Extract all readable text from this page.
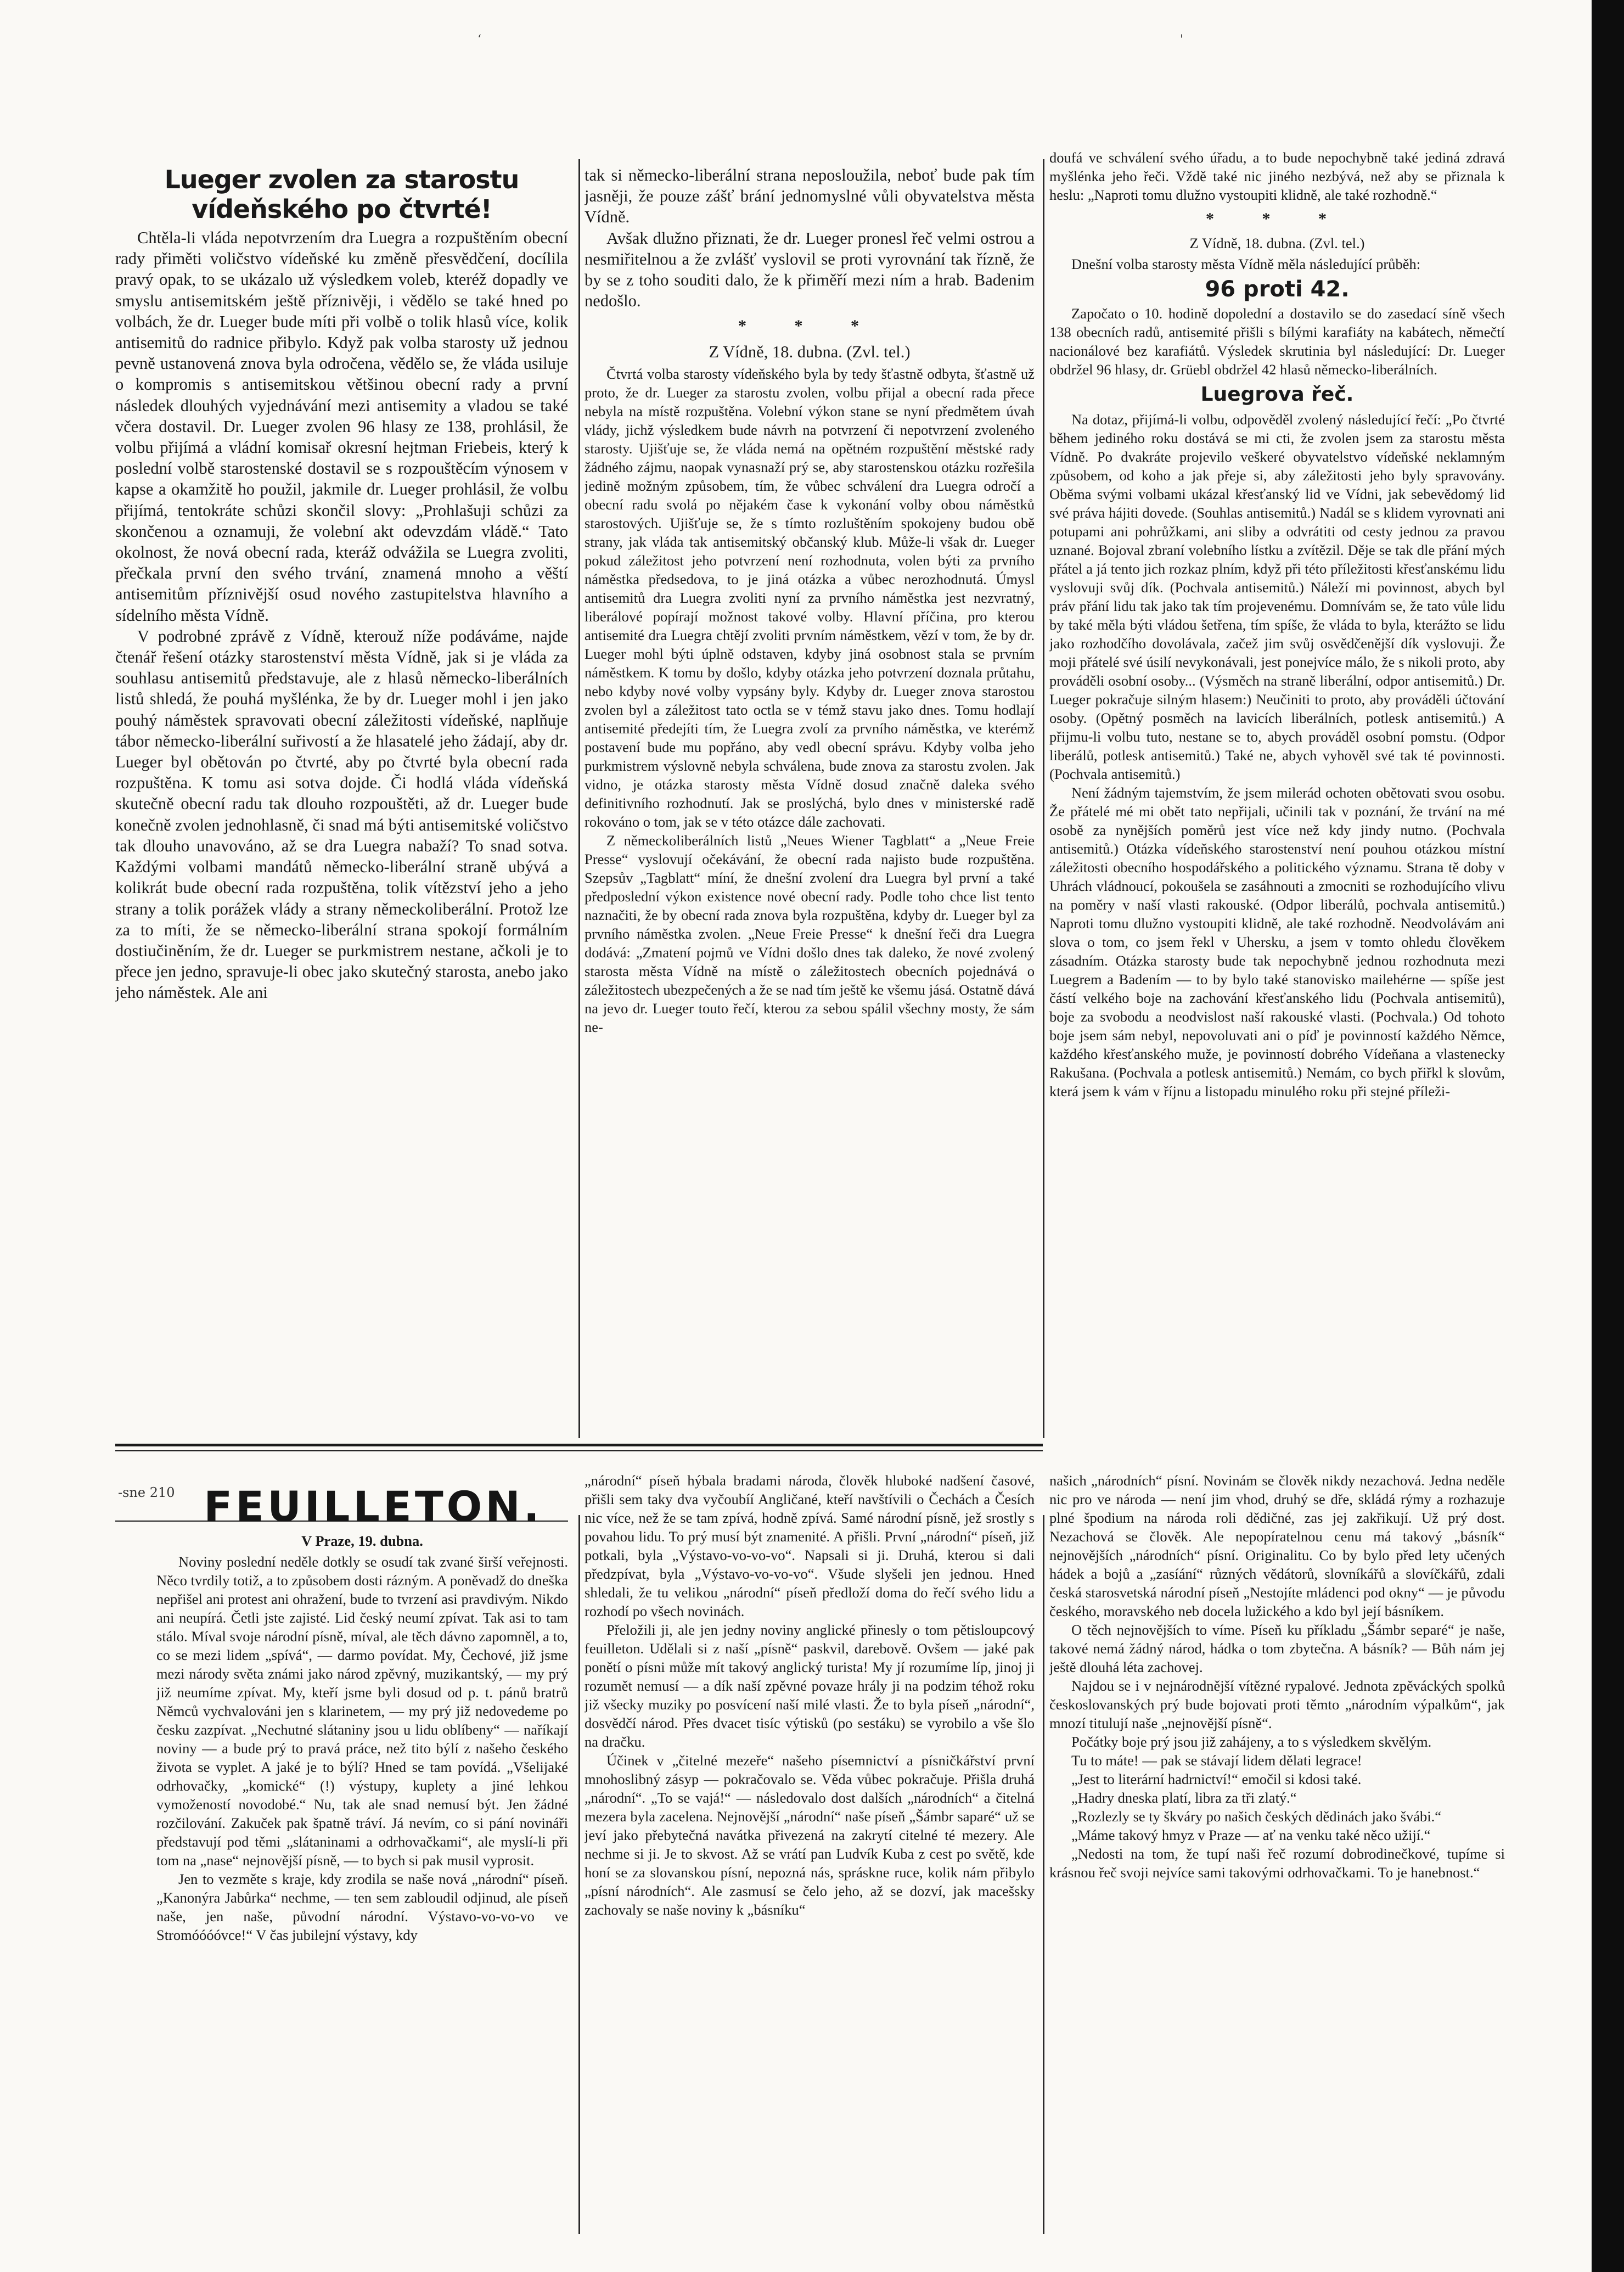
ʻ	'
Lueger zvolen za starostu vídeňského po čtvrté!

Chtěla-li vláda nepotvrzením dra Luegra a rozpuštěním obecní rady přiměti voličstvo vídeňské ku změně přesvědčení, docílila pravý opak, to se ukázalo už výsledkem voleb, kteréž dopadly ve smyslu antisemitském ještě příznivěji, i vědělo se také hned po volbách, že dr. Lueger bude míti při volbě o tolik hlasů více, kolik antisemitů do radnice přibylo. Když pak volba starosty už jednou pevně ustanovená znova byla odročena, vědělo se, že vláda usiluje o kompromis s antisemitskou většinou obecní rady a první následek dlouhých vyjednávání mezi antisemity a vladou se také včera dostavil. Dr. Lueger zvolen 96 hlasy ze 138, prohlásil, že volbu přijímá a vládní komisař okresní hejtman Friebeis, který k poslední volbě starostenské dostavil se s rozpouštěcím výnosem v kapse a okamžitě ho použil, jakmile dr. Lueger prohlásil, že volbu přijímá, tentokráte schůzi skončil slovy: „Prohlašuji schůzi za skončenou a oznamuji, že volební akt odevzdám vládě.“ Tato okolnost, že nová obecní rada, kteráž odvážila se Luegra zvoliti, přečkala první den svého trvání, znamená mnoho a věští antisemitům příznivější osud nového zastupitelstva hlavního a sídelního města Vídně.

V podrobné zprávě z Vídně, kterouž níže podáváme, najde čtenář řešení otázky starostenství města Vídně, jak si je vláda za souhlasu antisemitů představuje, ale z hlasů německo-liberálních listů shledá, že pouhá myšlénka, že by dr. Lueger mohl i jen jako pouhý náměstek spravovati obecní záležitosti vídeňské, naplňuje tábor německo-liberální suřivostí a že hlasatelé jeho žádají, aby dr. Lueger byl obětován po čtvrté, aby po čtvrté byla obecní rada rozpuštěna. K tomu asi sotva dojde. Či hodlá vláda vídeňská skutečně obecní radu tak dlouho rozpouštěti, až dr. Lueger bude konečně zvolen jednohlasně, či snad má býti antisemitské voličstvo tak dlouho unavováno, až se dra Luegra nabaží? To snad sotva. Každými volbami mandátů německo-liberální straně ubývá a kolikrát bude obecní rada rozpuštěna, tolik vítězství jeho a jeho strany a tolik porážek vlády a strany německoliberální. Protož lze za to míti, že se německo-liberální strana spokojí formálním dostiučiněním, že dr. Lueger se purkmistrem nestane, ačkoli je to přece jen jedno, spravuje-li obec jako skutečný starosta, anebo jako jeho náměstek. Ale ani

tak si německo-liberální strana neposloužila, neboť bude pak tím jasněji, že pouze zášť brání jednomyslné vůli obyvatelstva města Vídně.

Avšak dlužno přiznati, že dr. Lueger pronesl řeč velmi ostrou a nesmiřitelnou a že zvlášť vyslovil se proti vyrovnání tak řízně, že by se z toho souditi dalo, že k přiměří mezi ním a hrab. Badenim nedošlo.

* * *
Z Vídně, 18. dubna. (Zvl. tel.)

Čtvrtá volba starosty vídeňského byla by tedy šťastně odbyta, šťastně už proto, že dr. Lueger za starostu zvolen, volbu přijal a obecní rada přece nebyla na místě rozpuštěna. Volební výkon stane se nyní předmětem úvah vlády, jichž výsledkem bude návrh na potvrzení či nepotvrzení zvoleného starosty. Ujišťuje se, že vláda nemá na opětném rozpuštění městské rady žádného zájmu, naopak vynasnaží prý se, aby starostenskou otázku rozřešila jedině možným způsobem, tím, že vůbec schválení dra Luegra odročí a obecní radu svolá po nějakém čase k vykonání volby obou náměstků starostových. Ujišťuje se, že s tímto rozluštěním spokojeny budou obě strany, jak vláda tak antisemitský občanský klub. Může-li však dr. Lueger pokud záležitost jeho potvrzení není rozhodnuta, volen býti za prvního náměstka předsedova, to je jiná otázka a vůbec nerozhodnutá. Úmysl antisemitů dra Luegra zvoliti nyní za prvního náměstka jest nezvratný, liberálové popírají možnost takové volby. Hlavní příčina, pro kterou antisemité dra Luegra chtějí zvoliti prvním náměstkem, vězí v tom, že by dr. Lueger mohl býti úplně odstaven, kdyby jiná osobnost stala se prvním náměstkem. K tomu by došlo, kdyby otázka jeho potvrzení doznala průtahu, nebo kdyby nové volby vypsány byly. Kdyby dr. Lueger znova starostou zvolen byl a záležitost tato octla se v témž stavu jako dnes. Tomu hodlají antisemité předejíti tím, že Luegra zvolí za prvního náměstka, ve kterémž postavení bude mu popřáno, aby vedl obecní správu. Kdyby volba jeho purkmistrem výslovně nebyla schválena, bude znova za starostu zvolen. Jak vidno, je otázka starosty města Vídně dosud značně daleka svého definitivního rozhodnutí. Jak se proslýchá, bylo dnes v ministerské radě rokováno o tom, jak se v této otázce dále zachovati.

Z německoliberálních listů „Neues Wiener Tagblatt“ a „Neue Freie Presse“ vyslovují očekávání, že obecní rada najisto bude rozpuštěna. Szepsův „Tagblatt“ míní, že dnešní zvolení dra Luegra byl první a také předposlední výkon existence nové obecní rady. Podle toho chce list tento naznačiti, že by obecní rada znova byla rozpuštěna, kdyby dr. Lueger byl za prvního náměstka zvolen. „Neue Freie Presse“ k dnešní řeči dra Luegra dodává: „Zmatení pojmů ve Vídni došlo dnes tak daleko, že nové zvolený starosta města Vídně na místě o záležitostech obecních pojednává o záležitostech ubezpečených a že se nad tím ještě ke všemu jásá. Ostatně dává na jevo dr. Lueger touto řečí, kterou za sebou spálil všechny mosty, že sám ne-

doufá ve schválení svého úřadu, a to bude nepochybně také jediná zdravá myšlénka jeho řeči. Vždě také nic jiného nezbývá, než aby se přiznala k heslu: „Naproti tomu dlužno vystoupiti klidně, ale také rozhodně.“

* * *
Z Vídně, 18. dubna. (Zvl. tel.)

Dnešní volba starosty města Vídně měla následující průběh:

96 proti 42.

Započato o 10. hodině dopolední a dostavilo se do zasedací síně všech 138 obecních radů, antisemité přišli s bílými karafiáty na kabátech, němečtí nacionálové bez karafiátů. Výsledek skrutinia byl následující: Dr. Lueger obdržel 96 hlasy, dr. Grüebl obdržel 42 hlasů německo-liberálních.

Luegrova řeč.

Na dotaz, přijímá-li volbu, odpověděl zvolený následující řečí: „Po čtvrté během jediného roku dostává se mi cti, že zvolen jsem za starostu města Vídně. Po dvakráte projevilo veškeré obyvatelstvo vídeňské neklamným způsobem, od koho a jak přeje si, aby záležitosti jeho byly spravovány. Oběma svými volbami ukázal křesťanský lid ve Vídni, jak sebevědomý lid své práva hájiti dovede. (Souhlas antisemitů.) Nadál se s klidem vyrovnati ani potupami ani pohrůžkami, ani sliby a odvrátiti od cesty jednou za pravou uznané. Bojoval zbraní volebního lístku a zvítězil. Děje se tak dle přání mých přátel a já tento jich rozkaz plním, když při této příležitosti křesťanskému lidu vyslovuji svůj dík. (Pochvala antisemitů.) Náleží mi povinnost, abych byl práv přání lidu tak jako tak tím projevenému. Domnívám se, že tato vůle lidu by také měla býti vládou šetřena, tím spíše, že vláda to byla, kterážto se lidu jako rozhodčího dovolávala, začež jim svůj osvědčenější dík vyslovuji. Že moji přátelé své úsilí nevykonávali, jest ponejvíce málo, že s nikoli proto, aby prováděli osobní osoby... (Výsměch na straně liberální, odpor antisemitů.) Dr. Lueger pokračuje silným hlasem:) Neučiniti to proto, aby prováděli účtování osoby. (Opětný posměch na lavicích liberálních, potlesk antisemitů.) A přijmu-li volbu tuto, nestane se to, abych prováděl osobní pomstu. (Odpor liberálů, potlesk antisemitů.) Také ne, abych vyhověl své tak té povinnosti. (Pochvala antisemitů.)

Není žádným tajemstvím, že jsem milerád ochoten obětovati svou osobu. Že přátelé mé mi obět tato nepřijali, učinili tak v poznání, že trvání na mé osobě za nynějších poměrů jest více než kdy jindy nutno. (Pochvala antisemitů.) Otázka vídeňského starostenství není pouhou otázkou místní záležitosti obecního hospodářského a politického významu. Strana tě doby v Uhrách vládnoucí, pokoušela se zasáhnouti a zmocniti se rozhodujícího vlivu na poměry v naší vlasti rakouské. (Odpor liberálů, pochvala antisemitů.) Naproti tomu dlužno vystoupiti klidně, ale také rozhodně. Neodvolávám ani slova o tom, co jsem řekl v Uhersku, a jsem v tomto ohledu člověkem zásadním. Otázka starosty bude tak nepochybně jednou rozhodnuta mezi Luegrem a Badením — to by bylo také stanovisko mailehérne — spíše jest částí velkého boje na zachování křesťanského lidu (Pochvala antisemitů), boje za svobodu a neodvislost naší rakouské vlasti. (Pochvala.) Od tohoto boje jsem sám nebyl, nepovoluvati ani o píď je povinností každého Němce, každého křesťanského muže, je povinností dobrého Vídeňana a vlastenecky Rakušana. (Pochvala a potlesk antisemitů.) Nemám, co bych přiřkl k slovům, která jsem k vám v říjnu a listopadu minulého roku při stejné příleži-

-sne 210 FEUILLETON.
V Praze, 19. dubna.

Noviny poslední neděle dotkly se osudí tak zvané širší veřejnosti. Něco tvrdily totiž, a to způsobem dosti rázným. A poněvadž do dneška nepřišel ani protest ani ohražení, bude to tvrzení asi pravdivým. Nikdo ani neupírá. Četli jste zajisté. Lid český neumí zpívat. Tak asi to tam stálo. Míval svoje národní písně, míval, ale těch dávno zapomněl, a to, co se mezi lidem „spívá“, — darmo povídat. My, Čechové, již jsme mezi národy světa známi jako národ zpěvný, muzikantský, — my prý již neumíme zpívat. My, kteří jsme byli dosud od p. t. pánů bratrů Němců vychvalováni jen s klarinetem, — my prý již nedovedeme po česku zazpívat. „Nechutné slátaniny jsou u lidu oblíbeny“ — naříkají noviny — a bude prý to pravá práce, než tito býlí z našeho českého života se vyplet. A jaké je to býlí? Hned se tam povídá. „Všelijaké odrhovačky, „komické“ (!) výstupy, kuplety a jiné lehkou vymožeností novodobé.“ Nu, tak ale snad nemusí být. Jen žádné rozčilování. Zakuček pak špatně tráví. Já nevím, co si pání novináři představují pod těmi „slátaninami a odrhovačkami“, ale myslí-li při tom na „nase“ nejnovější písně, — to bych si pak musil vyprosit.

Jen to vezměte s kraje, kdy zrodila se naše nová „národní“ píseň. „Kanonýra Jabůrka“ nechme, — ten sem zabloudil odjinud, ale píseň naše, jen naše, původní národní. Výstavo-vo-vo-vo ve Stromóóóóvce!“ V čas jubilejní výstavy, kdy

„národní“ píseň hýbala bradami národa, člověk hluboké nadšení časové, přišli sem taky dva vyčoubíí Angličané, kteří navštívili o Čechách a Česích nic více, než že se tam zpívá, hodně zpívá. Samé národní písně, jež srostly s povahou lidu. To prý musí být znamenité. A přišli. První „národní“ píseň, již potkali, byla „Výstavo-vo-vo-vo“. Napsali si ji. Druhá, kterou si dali předzpívat, byla „Výstavo-vo-vo-vo“. Všude slyšeli jen jednou. Hned shledali, že tu velikou „národní“ píseň předloží doma do řečí svého lidu a rozhodí po všech novinách.

Přeložili ji, ale jen jedny noviny anglické přinesly o tom pětisloupcový feuilleton. Udělali si z naší „písně“ paskvil, darebově. Ovšem — jaké pak ponětí o písni může mít takový anglický turista! My jí rozumíme líp, jinoj ji rozumět nemusí — a dík naší zpěvné povaze hrály ji na podzim téhož roku již všecky muziky po posvícení naší milé vlasti. Že to byla píseň „národní“, dosvědčí národ. Přes dvacet tisíc výtisků (po sestáku) se vyrobilo a vše šlo na dračku.

Účinek v „čitelné mezeře“ našeho písemnictví a písničkářství první mnohoslibný zásyp — pokračovalo se. Věda vůbec pokračuje. Přišla druhá „národní“. „To se vajá!“ — následovalo dost dalších „národních“ a čitelná mezera byla zacelena. Nejnovější „národní“ naše píseň „Šámbr saparé“ už se jeví jako přebytečná navátka přivezená na zakrytí citelné té mezery. Ale nechme si ji. Je to skvost. Až se vrátí pan Ludvík Kuba z cest po světě, kde honí se za slovanskou písní, nepozná nás, spráskne ruce, kolik nám přibylo „písní národních“. Ale zasmusí se čelo jeho, až se dozví, jak macešsky zachovaly se naše noviny k „básníku“

našich „národních“ písní. Novinám se člověk nikdy nezachová. Jedna neděle nic pro ve národa — není jim vhod, druhý se dře, skládá rýmy a rozhazuje plné špodium na národa roli dědičné, zas jej zakřikují. Už prý dost. Nezachová se člověk. Ale nepopíratelnou cenu má takový „básník“ nejnovějších „národních“ písní. Originalitu. Co by bylo před lety učených hádek a bojů a „zasíání“ různých vědátorů, slovníkářů a slovíčkářů, zdali česká starosvetská národní píseň „Nestojíte mládenci pod okny“ — je původu českého, moravského neb docela lužického a kdo byl její básníkem.

O těch nejnovějších to víme. Píseň ku příkladu „Šámbr separé“ je naše, takové nemá žádný národ, hádka o tom zbytečna. A básník? — Bůh nám jej ještě dlouhá léta zachovej.

Najdou se i v nejnárodnější vítězné rypalové. Jednota zpěváckých spolků českoslovanských prý bude bojovati proti těmto „národním výpalkům“, jak mnozí titulují naše „nejnovější písně“.

Počátky boje prý jsou již zahájeny, a to s výsledkem skvělým.

Tu to máte! — pak se stávají lidem dělati legrace!

„Jest to literární hadrnictví!“ emočil si kdosi také.

„Hadry dneska platí, libra za tři zlatý.“

„Rozlezly se ty škváry po našich českých dědinách jako švábi.“

„Máme takový hmyz v Praze — ať na venku také něco užijí.“

„Nedosti na tom, že tupí naši řeč rozumí dobrodinečkové, tupíme si krásnou řeč svoji nejvíce sami takovými odrhovačkami. To je hanebnost.“
